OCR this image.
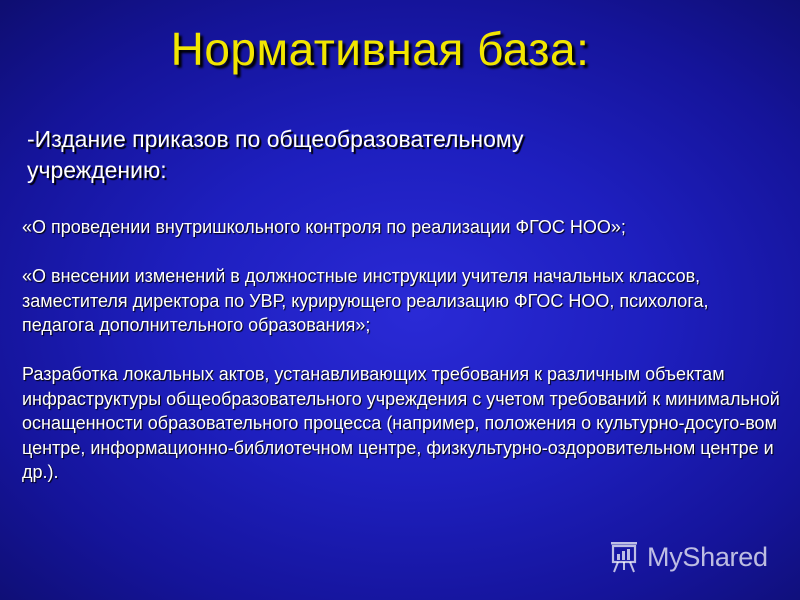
Нормативная база:
-Издание приказов по общеобразовательному учреждению:

«О проведении внутришкольного контроля по реализации ФГОС НОО»;

«О внесении изменений в должностные инструкции учителя начальных классов, заместителя директора по УВР, курирующего реализацию ФГОС НОО, психолога, педагога дополнительного образования»;

Разработка локальных актов, устанавливающих требования к различным объектам инфраструктуры общеобразовательного учреждения с учетом требований к минимальной оснащенности образовательного процесса (например, положения о культурно-досуго-вом центре, информационно-библиотечном центре, физкультурно-оздоровительном центре и др.).

MyShared
